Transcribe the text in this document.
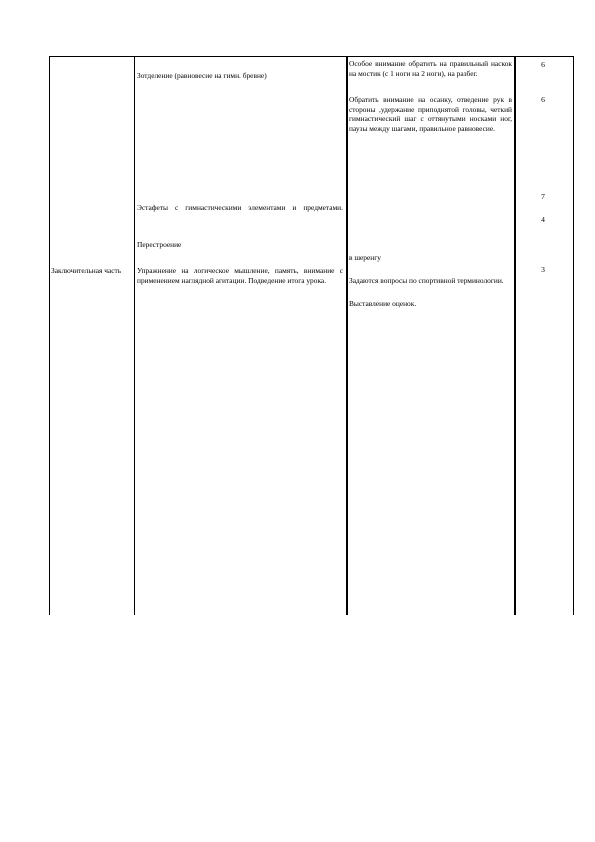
Заключительная часть
Зотделение (равновесие на гимн. бревне)
Эстафеты с гимнастическими элементами и предметами.
Перестроение
Упражнение на логическое мышление, память, внимание с применением наглядной агитации. Подведение итога урока.
Особое внимание обратить на правильный наскок на мостик (с 1 ноги на 2 ноги), на разбег.
Обратить внимание на осанку, отведение рук в стороны ,удержание приподнятой головы, четкий гимнастический шаг с оттянутыми носками ног, паузы между шагами, правильное равновесие.
в шеренгу
Задаются вопросы по спортивной терминологии.
Выставление оценок.
6
6
7
4
3
